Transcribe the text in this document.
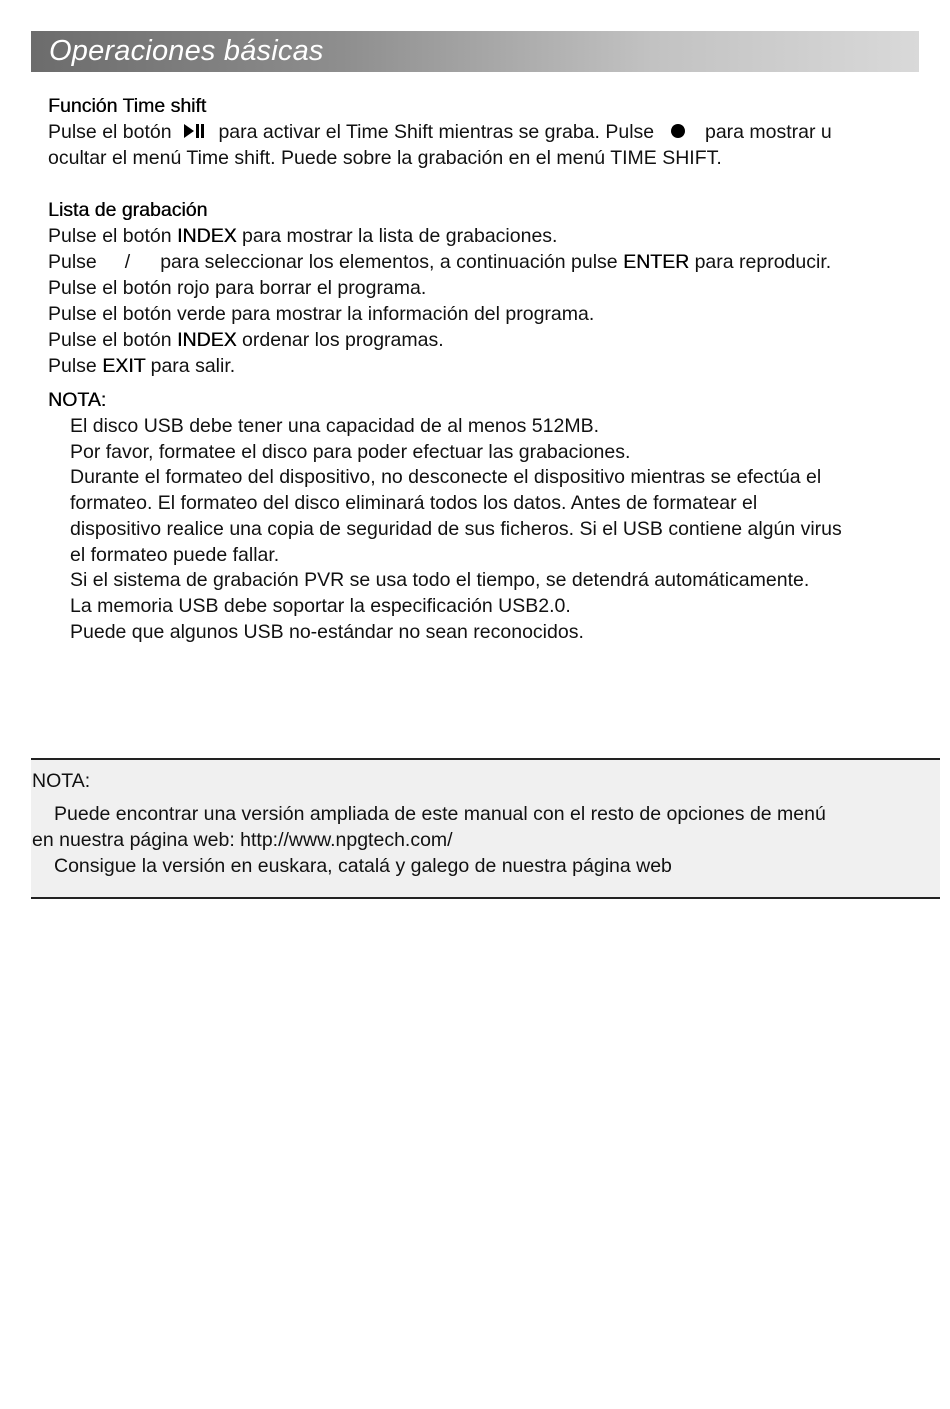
Operaciones básicas
Función Time shift
Pulse el botón para activar el Time Shift mientras se graba. Pulse	para mostrar u
ocultar el menú Time shift. Puede sobre la grabación en el menú TIME SHIFT.
Lista de grabación
Pulse el botón INDEX para mostrar la lista de grabaciones.
Pulse / para seleccionar los elementos, a continuación pulse ENTER para reproducir.
Pulse el botón rojo para borrar el programa.
Pulse el botón verde para mostrar la información del programa.
Pulse el botón INDEX ordenar los programas.
Pulse EXIT para salir.
NOTA:
El disco USB debe tener una capacidad de al menos 512MB.
Por favor, formatee el disco para poder efectuar las grabaciones.
Durante el formateo del dispositivo, no desconecte el dispositivo mientras se efectúa el
formateo. El formateo del disco eliminará todos los datos. Antes de formatear el
dispositivo realice una copia de seguridad de sus ficheros. Si el USB contiene algún virus
el formateo puede fallar.
Si el sistema de grabación PVR se usa todo el tiempo, se detendrá automáticamente.
La memoria USB debe soportar la especificación USB2.0.
Puede que algunos USB no-estándar no sean reconocidos.
NOTA:
Puede encontrar una versión ampliada de este manual con el resto de opciones de menú
en nuestra página web: http://www.npgtech.com/
Consigue la versión en euskara, catalá y galego de nuestra página web
